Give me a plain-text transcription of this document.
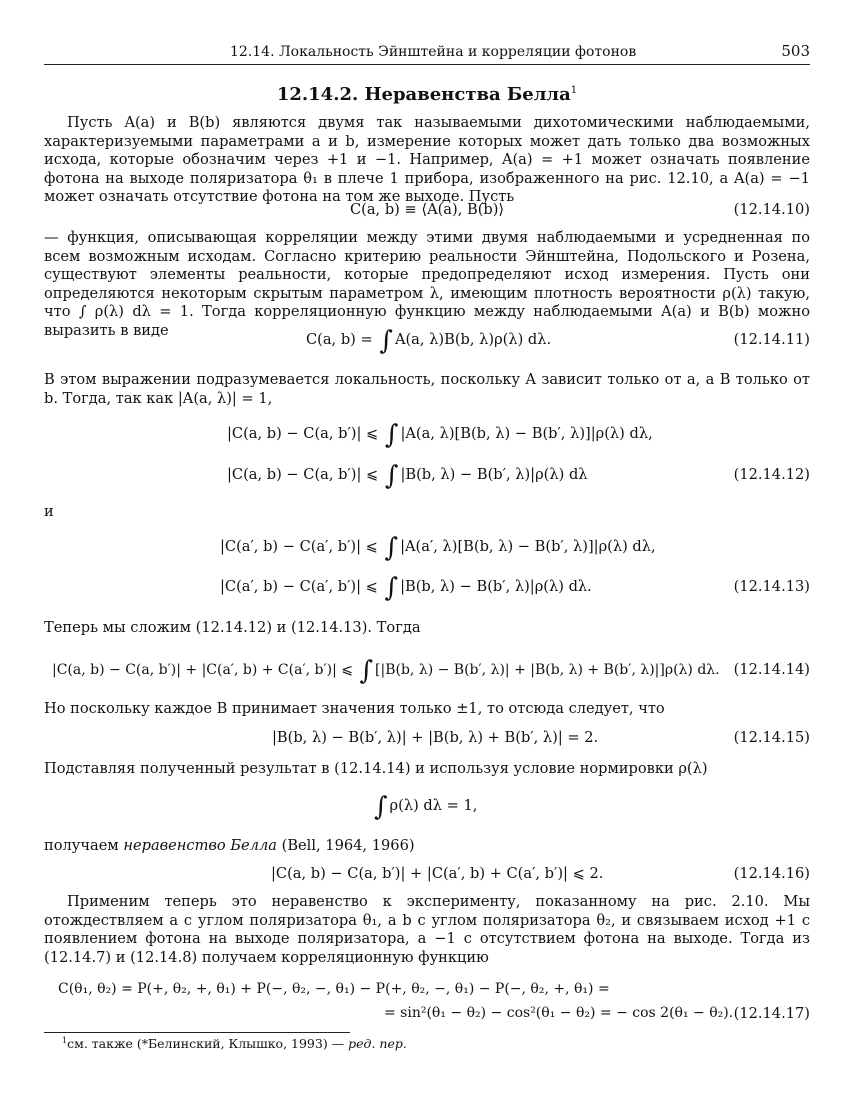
12.14. Локальность Эйнштейна и корреляции фотонов	503
12.14.2. Неравенства Белла$^1$
Пусть A(a) и B(b) являются двумя так называемыми дихотомическими наблюдаемыми, характеризуемыми параметрами a и b, измерение которых может дать только два возможных исхода, которые обозначим через +1 и −1. Например, A(a) = +1 может означать появление фотона на выходе поляризатора θ₁ в плече 1 прибора, изображенного на рис. 12.10, а A(a) = −1 может означать отсутствие фотона на том же выходе. Пусть
C(a, b) ≡ ⟨A(a), B(b)⟩	(12.14.10)
— функция, описывающая корреляции между этими двумя наблюдаемыми и усредненная по всем возможным исходам. Согласно критерию реальности Эйнштейна, Подольского и Розена, существуют элементы реальности, которые предопределяют исход измерения. Пусть они определяются некоторым скрытым параметром λ, имеющим плотность вероятности ρ(λ) такую, что ∫ ρ(λ) dλ = 1. Тогда корреляционную функцию между наблюдаемыми A(a) и B(b) можно выразить в виде
C(a, b) = ∫ A(a, λ)B(b, λ)ρ(λ) dλ.	(12.14.11)
В этом выражении подразумевается локальность, поскольку A зависит только от a, а B только от b. Тогда, так как |A(a, λ)| = 1,
|C(a, b) − C(a, b′)| ⩽ ∫ |A(a, λ)[B(b, λ) − B(b′, λ)]|ρ(λ) dλ,
|C(a, b) − C(a, b′)| ⩽ ∫ |B(b, λ) − B(b′, λ)|ρ(λ) dλ	(12.14.12)
и
|C(a′, b) − C(a′, b′)| ⩽ ∫ |A(a′, λ)[B(b, λ) − B(b′, λ)]|ρ(λ) dλ,
|C(a′, b) − C(a′, b′)| ⩽ ∫ |B(b, λ) − B(b′, λ)|ρ(λ) dλ.	(12.14.13)
Теперь мы сложим (12.14.12) и (12.14.13). Тогда
|C(a, b) − C(a, b′)| + |C(a′, b) + C(a′, b′)| ⩽ ∫ [|B(b, λ) − B(b′, λ)| + |B(b, λ) + B(b′, λ)|]ρ(λ) dλ. (12.14.14)
Но поскольку каждое B принимает значения только ±1, то отсюда следует, что
|B(b, λ) − B(b′, λ)| + |B(b, λ) + B(b′, λ)| = 2.	(12.14.15)
Подставляя полученный результат в (12.14.14) и используя условие нормировки ρ(λ)
∫ ρ(λ) dλ = 1,
получаем неравенство Белла (Bell, 1964, 1966)
|C(a, b) − C(a, b′)| + |C(a′, b) + C(a′, b′)| ⩽ 2.	(12.14.16)
Применим теперь это неравенство к эксперименту, показанному на рис. 2.10. Мы отождествляем a с углом поляризатора θ₁, а b с углом поляризатора θ₂, и связываем исход +1 с появлением фотона на выходе поляризатора, а −1 с отсутствием фотона на выходе. Тогда из (12.14.7) и (12.14.8) получаем корреляционную функцию
C(θ₁, θ₂) = P(+, θ₂, +, θ₁) + P(−, θ₂, −, θ₁) − P(+, θ₂, −, θ₁) − P(−, θ₂, +, θ₁) =
= sin²(θ₁ − θ₂) − cos²(θ₁ − θ₂) = − cos 2(θ₁ − θ₂). (12.14.17)
$^1$см. также (*Белинский, Клышко, 1993) — ред. пер.
